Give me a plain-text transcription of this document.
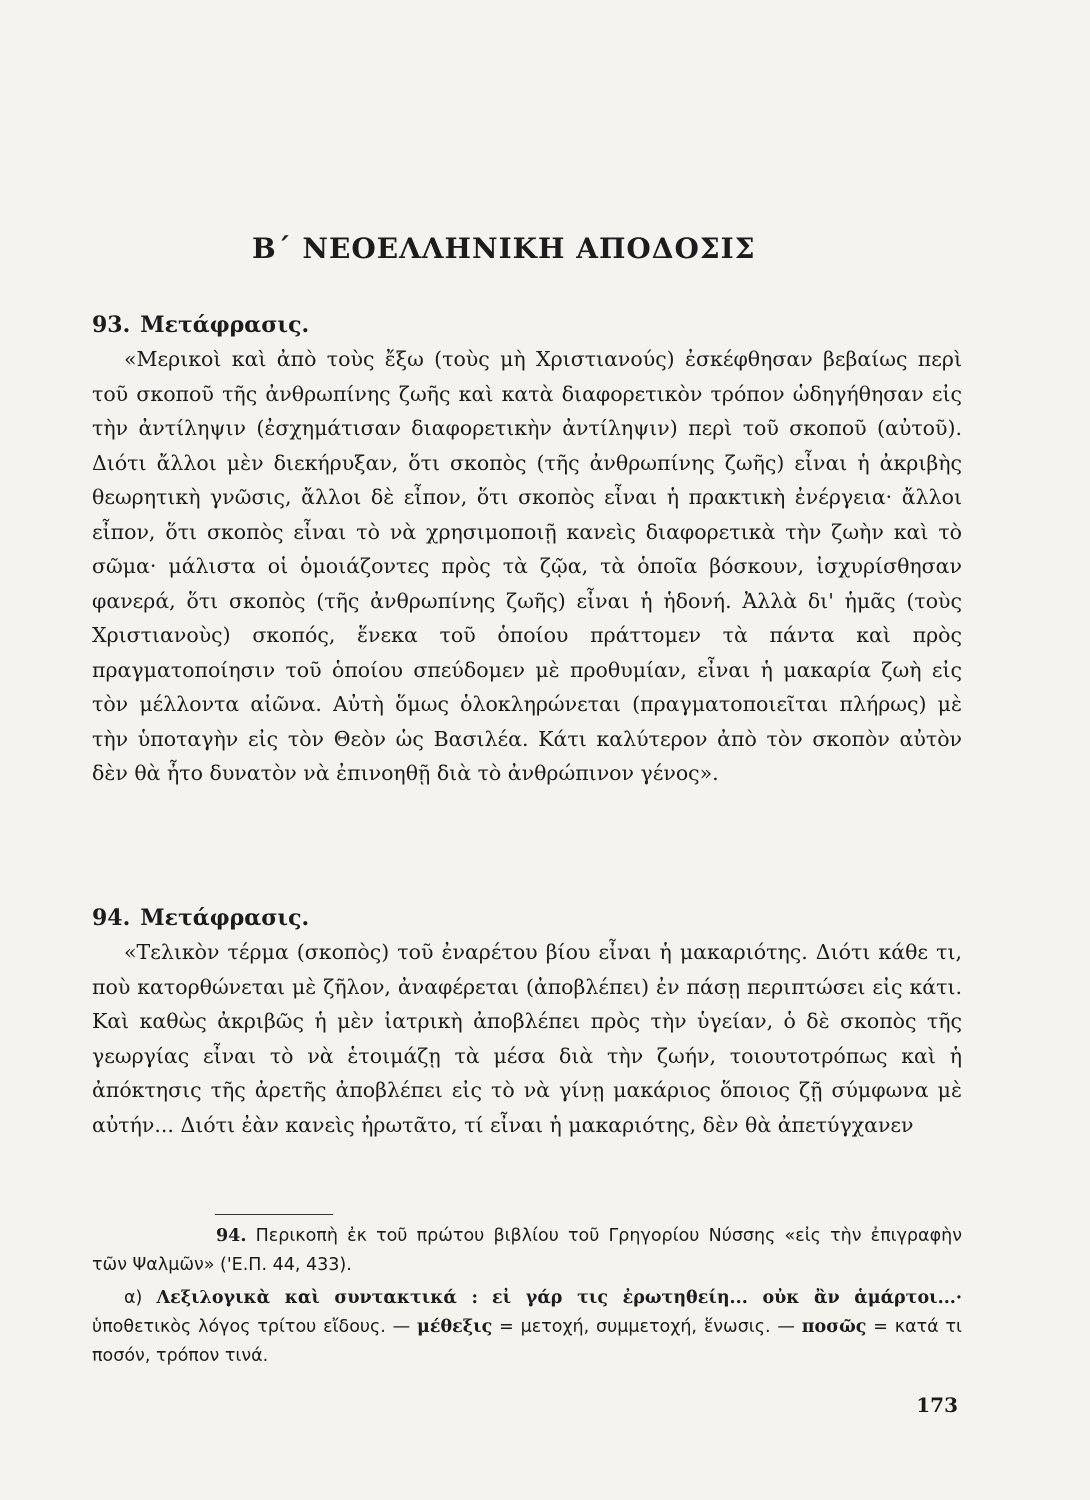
Β΄ ΝΕΟΕΛΛΗΝΙΚΗ ΑΠΟΔΟΣΙΣ
93. Μετάφρασις.

«Μερικοὶ καὶ ἀπὸ τοὺς ἔξω (τοὺς μὴ Χριστιανούς) ἐσκέφθησαν βεβαίως περὶ τοῦ σκοποῦ τῆς ἀνθρωπίνης ζωῆς καὶ κατὰ διαφορετικὸν τρόπον ὡδηγήθησαν εἰς τὴν ἀντίληψιν (ἐσχημάτισαν διαφορετικὴν ἀντίληψιν) περὶ τοῦ σκοποῦ (αὐτοῦ). Διότι ἄλλοι μὲν διεκήρυξαν, ὅτι σκοπὸς (τῆς ἀνθρωπίνης ζωῆς) εἶναι ἡ ἀκριβὴς θεωρητικὴ γνῶσις, ἄλλοι δὲ εἶπον, ὅτι σκοπὸς εἶναι ἡ πρακτικὴ ἐνέργεια· ἄλλοι εἶπον, ὅτι σκοπὸς εἶναι τὸ νὰ χρησιμοποιῇ κανεὶς διαφορετικὰ τὴν ζωὴν καὶ τὸ σῶμα· μάλιστα οἱ ὁμοιάζοντες πρὸς τὰ ζῷα, τὰ ὁποῖα βόσκουν, ἰσχυρίσθησαν φανερά, ὅτι σκοπὸς (τῆς ἀνθρωπίνης ζωῆς) εἶναι ἡ ἡδονή. Ἀλλὰ δι' ἡμᾶς (τοὺς Χριστιανοὺς) σκοπός, ἕνεκα τοῦ ὁποίου πράττομεν τὰ πάντα καὶ πρὸς πραγματοποίησιν τοῦ ὁποίου σπεύδομεν μὲ προθυμίαν, εἶναι ἡ μακαρία ζωὴ εἰς τὸν μέλλοντα αἰῶνα. Αὐτὴ ὅμως ὁλοκληρώνεται (πραγματοποιεῖται πλήρως) μὲ τὴν ὑποταγὴν εἰς τὸν Θεὸν ὡς Βασιλέα. Κάτι καλύτερον ἀπὸ τὸν σκοπὸν αὐτὸν δὲν θὰ ἦτο δυνατὸν νὰ ἐπινοηθῇ διὰ τὸ ἀνθρώπινον γένος».

94. Μετάφρασις.

«Τελικὸν τέρμα (σκοπὸς) τοῦ ἐναρέτου βίου εἶναι ἡ μακαριότης. Διότι κάθε τι, ποὺ κατορθώνεται μὲ ζῆλον, ἀναφέρεται (ἀποβλέπει) ἐν πάσῃ περιπτώσει εἰς κάτι. Καὶ καθὼς ἀκριβῶς ἡ μὲν ἰατρικὴ ἀποβλέπει πρὸς τὴν ὑγείαν, ὁ δὲ σκοπὸς τῆς γεωργίας εἶναι τὸ νὰ ἑτοιμάζῃ τὰ μέσα διὰ τὴν ζωήν, τοιουτοτρόπως καὶ ἡ ἀπόκτησις τῆς ἀρετῆς ἀποβλέπει εἰς τὸ νὰ γίνῃ μακάριος ὅποιος ζῇ σύμφωνα μὲ αὐτήν... Διότι ἐὰν κανεὶς ἠρωτᾶτο, τί εἶναι ἡ μακαριότης, δὲν θὰ ἀπετύγχανεν

94. Περικοπὴ ἐκ τοῦ πρώτου βιβλίου τοῦ Γρηγορίου Νύσσης «εἰς τὴν ἐπιγραφὴν τῶν Ψαλμῶν» ('Ε.Π. 44, 433).

α) Λεξιλογικὰ καὶ συντακτικά : εἰ γάρ τις ἐρωτηθείη... οὐκ ἂν ἁμάρτοι...· ὑποθετικὸς λόγος τρίτου εἴδους. — μέθεξις = μετοχή, συμμετοχή, ἕνωσις. — ποσῶς = κατά τι ποσόν, τρόπον τινά.

173
